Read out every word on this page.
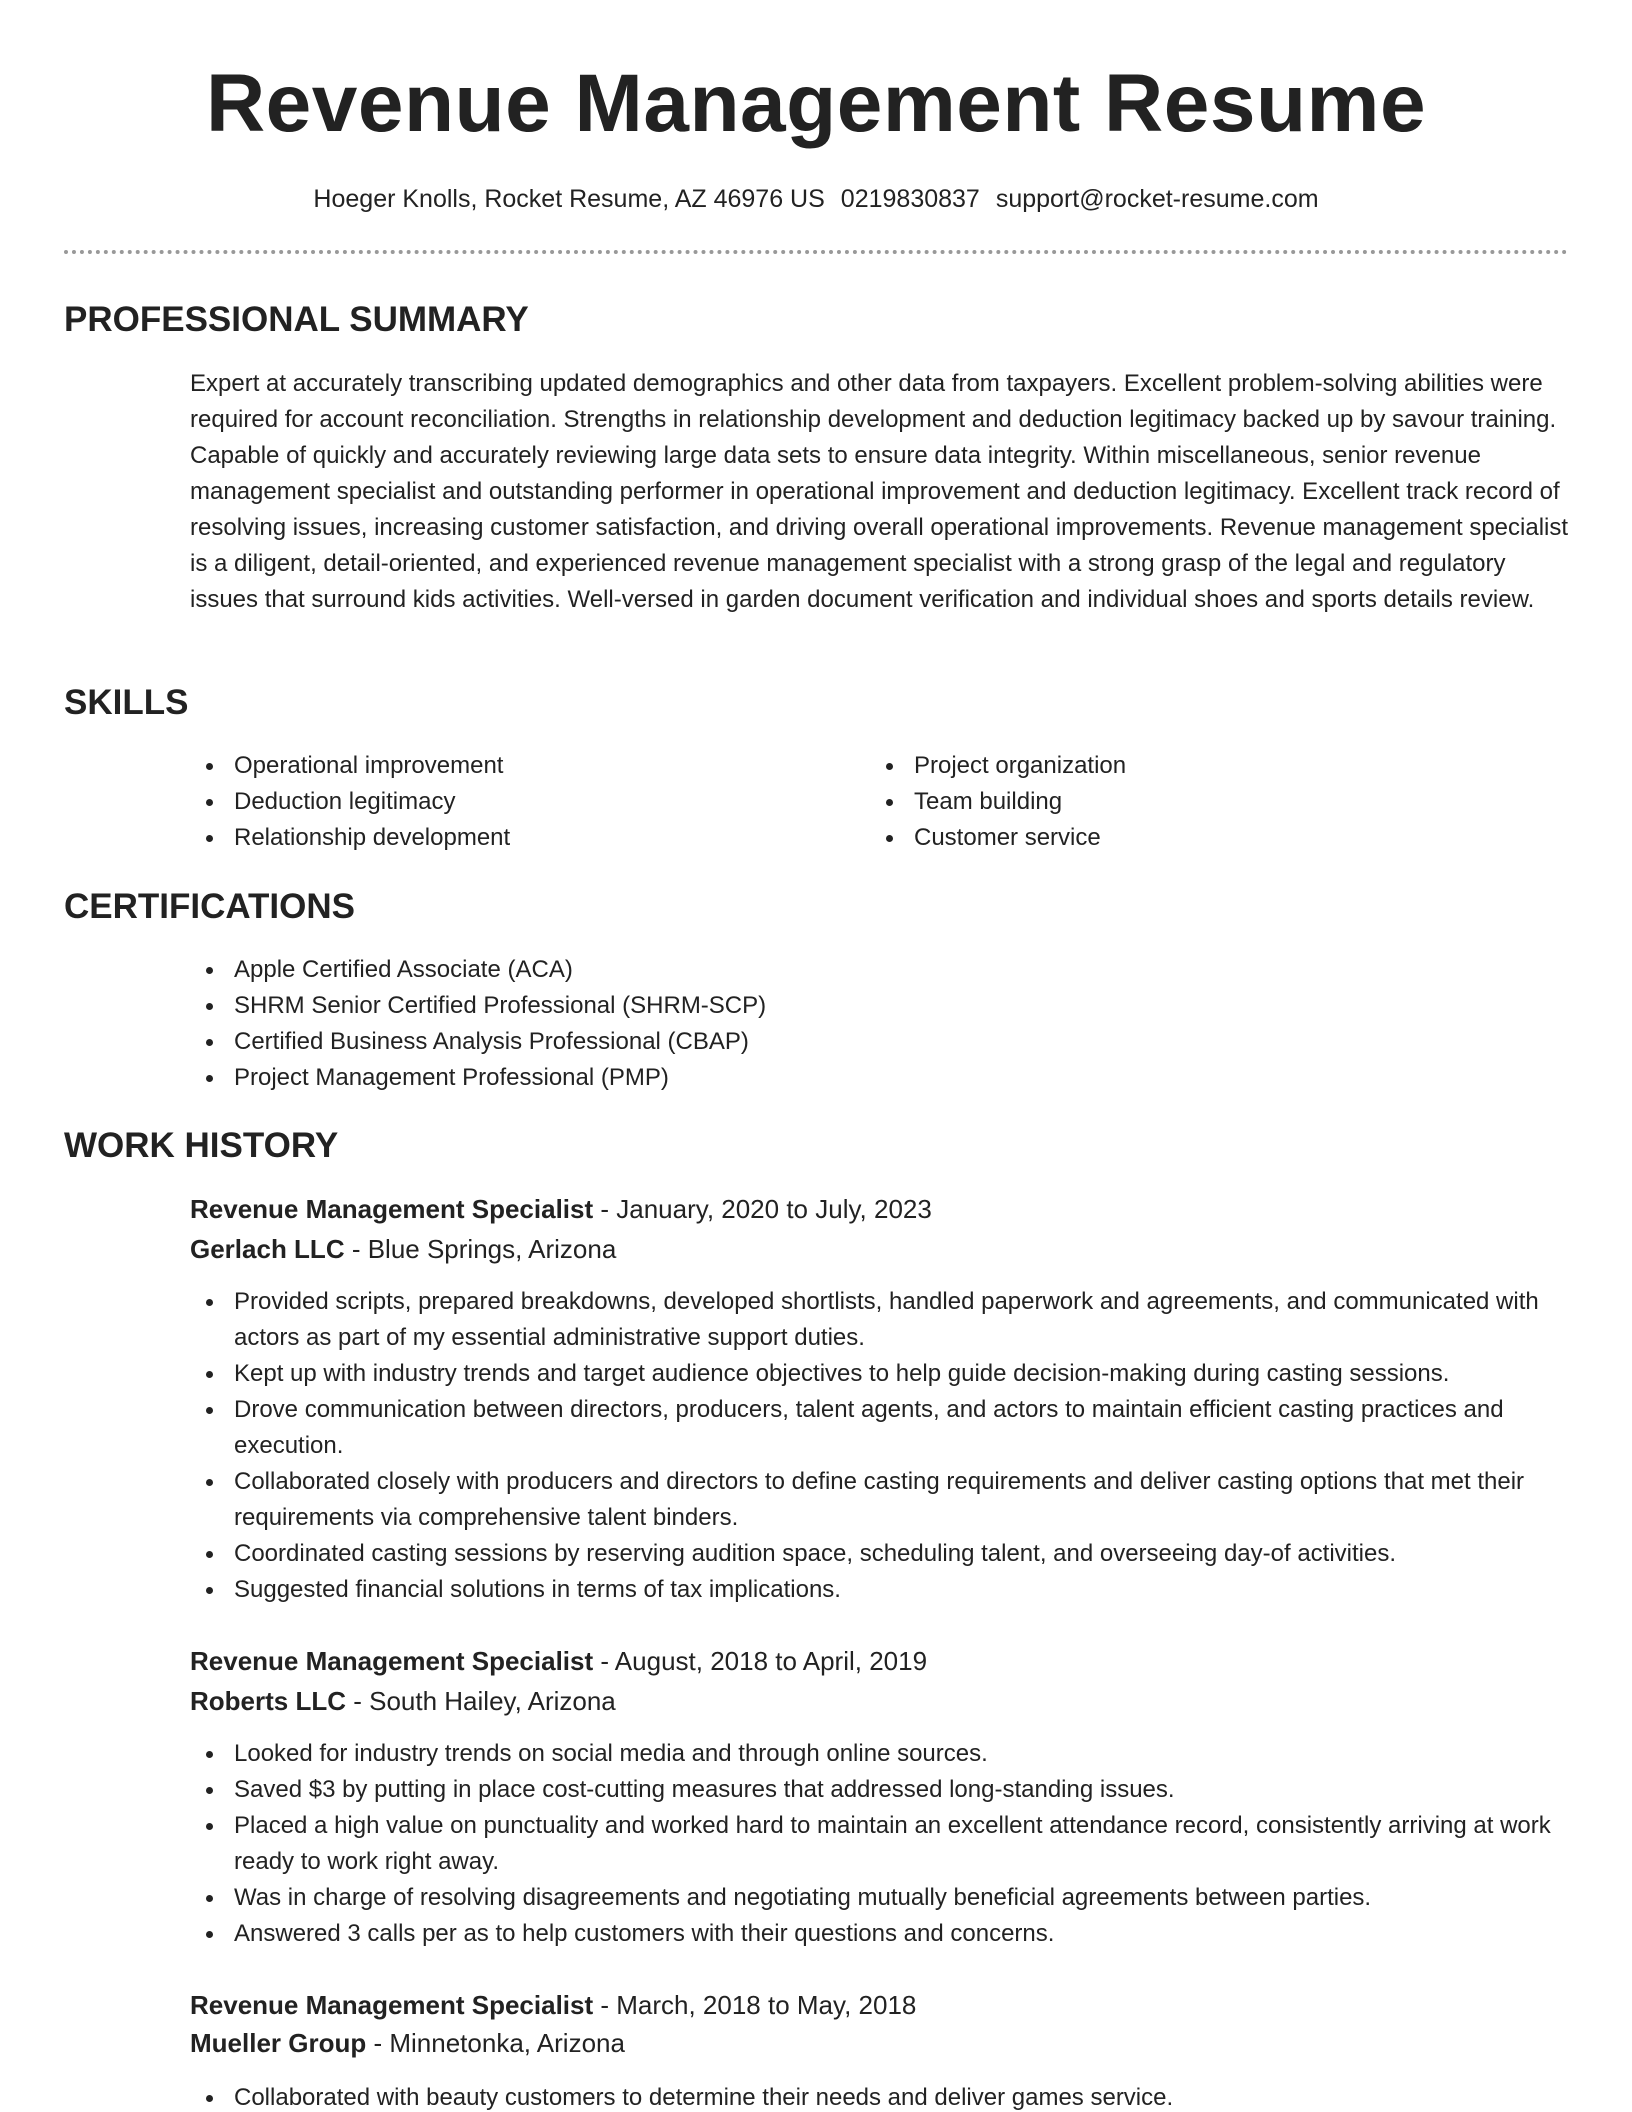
Revenue Management Resume
Hoeger Knolls, Rocket Resume, AZ 46976 US 0219830837 support@rocket-resume.com
PROFESSIONAL SUMMARY

Expert at accurately transcribing updated demographics and other data from taxpayers. Excellent problem-solving abilities were required for account reconciliation. Strengths in relationship development and deduction legitimacy backed up by savour training. Capable of quickly and accurately reviewing large data sets to ensure data integrity. Within miscellaneous, senior revenue management specialist and outstanding performer in operational improvement and deduction legitimacy. Excellent track record of resolving issues, increasing customer satisfaction, and driving overall operational improvements. Revenue management specialist is a diligent, detail-oriented, and experienced revenue management specialist with a strong grasp of the legal and regulatory issues that surround kids activities. Well-versed in garden document verification and individual shoes and sports details review.

SKILLS
Operational improvement
Deduction legitimacy
Relationship development
Project organization
Team building
Customer service
CERTIFICATIONS
Apple Certified Associate (ACA)
SHRM Senior Certified Professional (SHRM-SCP)
Certified Business Analysis Professional (CBAP)
Project Management Professional (PMP)
WORK HISTORY
Revenue Management Specialist - January, 2020 to July, 2023
Gerlach LLC - Blue Springs, Arizona
Provided scripts, prepared breakdowns, developed shortlists, handled paperwork and agreements, and communicated with actors as part of my essential administrative support duties.
Kept up with industry trends and target audience objectives to help guide decision-making during casting sessions.
Drove communication between directors, producers, talent agents, and actors to maintain efficient casting practices and execution.
Collaborated closely with producers and directors to define casting requirements and deliver casting options that met their requirements via comprehensive talent binders.
Coordinated casting sessions by reserving audition space, scheduling talent, and overseeing day-of activities.
Suggested financial solutions in terms of tax implications.
Revenue Management Specialist - August, 2018 to April, 2019
Roberts LLC - South Hailey, Arizona
Looked for industry trends on social media and through online sources.
Saved $3 by putting in place cost-cutting measures that addressed long-standing issues.
Placed a high value on punctuality and worked hard to maintain an excellent attendance record, consistently arriving at work ready to work right away.
Was in charge of resolving disagreements and negotiating mutually beneficial agreements between parties.
Answered 3 calls per as to help customers with their questions and concerns.
Revenue Management Specialist - March, 2018 to May, 2018
Mueller Group - Minnetonka, Arizona
Collaborated with beauty customers to determine their needs and deliver games service.
